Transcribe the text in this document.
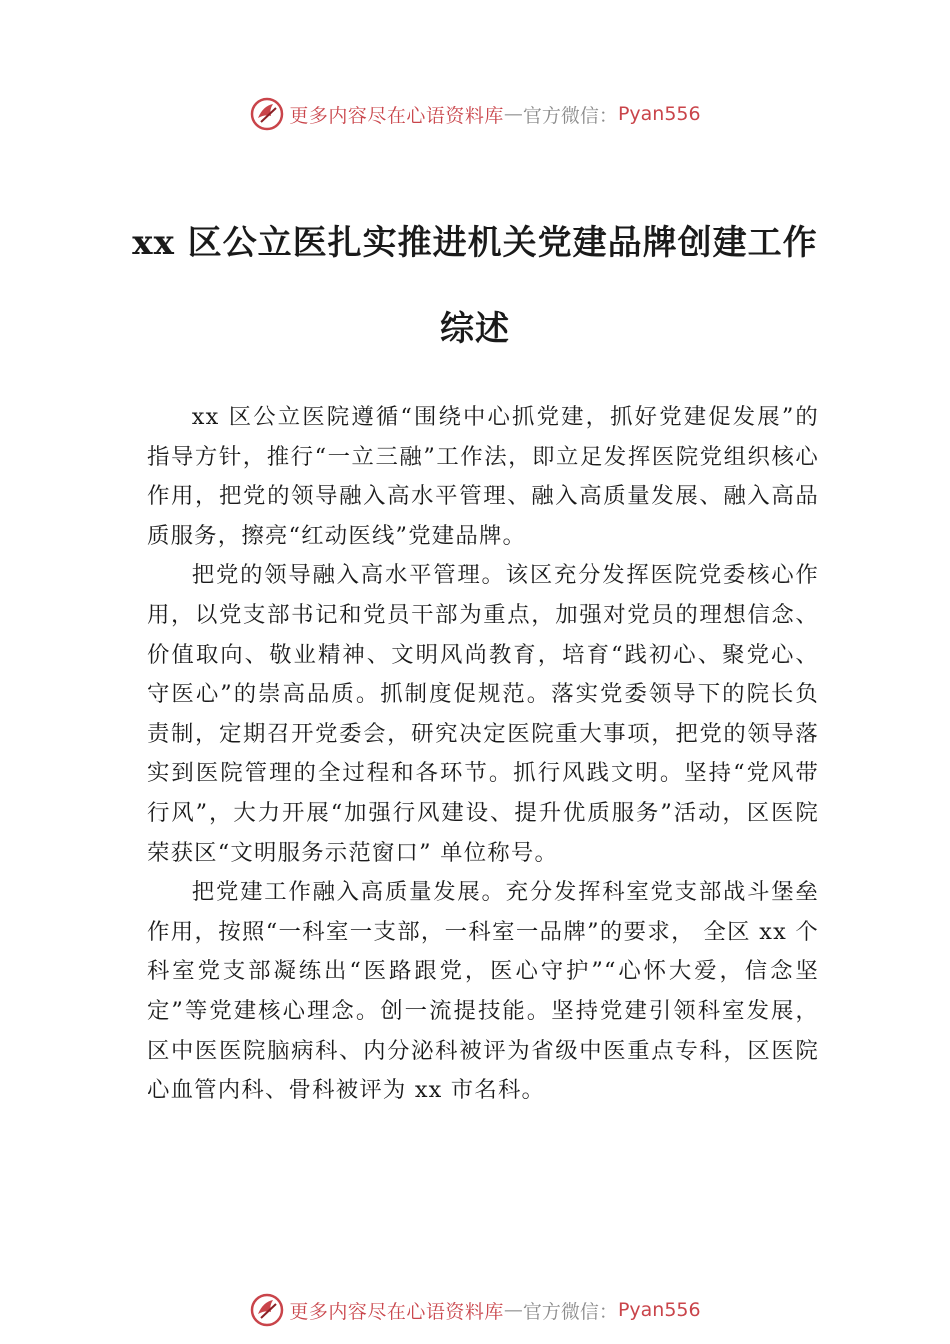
更多内容尽在心语资料库 — 官方微信： Pyan556
xx 区公立医扎实推进机关党建品牌创建工作综述

xx 区公立医院遵循“围绕中心抓党建，抓好党建促发展”的指导方针，推行“一立三融”工作法，即立足发挥医院党组织核心作用，把党的领导融入高水平管理、融入高质量发展、融入高品质服务，擦亮“红动医线”党建品牌。

把党的领导融入高水平管理。该区充分发挥医院党委核心作用，以党支部书记和党员干部为重点，加强对党员的理想信念、价值取向、敬业精神、文明风尚教育，培育“践初心、聚党心、守医心”的崇高品质。抓制度促规范。落实党委领导下的院长负责制，定期召开党委会，研究决定医院重大事项，把党的领导落实到医院管理的全过程和各环节。抓行风践文明。坚持“党风带行风”，大力开展“加强行风建设、提升优质服务”活动，区医院荣获区“文明服务示范窗口” 单位称号。

把党建工作融入高质量发展。充分发挥科室党支部战斗堡垒作用，按照“一科室一支部，一科室一品牌”的要求， 全区 xx 个科室党支部凝练出“医路跟党，医心守护”“心怀大爱，信念坚定”等党建核心理念。创一流提技能。坚持党建引领科室发展，区中医医院脑病科、内分泌科被评为省级中医重点专科，区医院心血管内科、骨科被评为 xx 市名科。

更多内容尽在心语资料库 — 官方微信： Pyan556
